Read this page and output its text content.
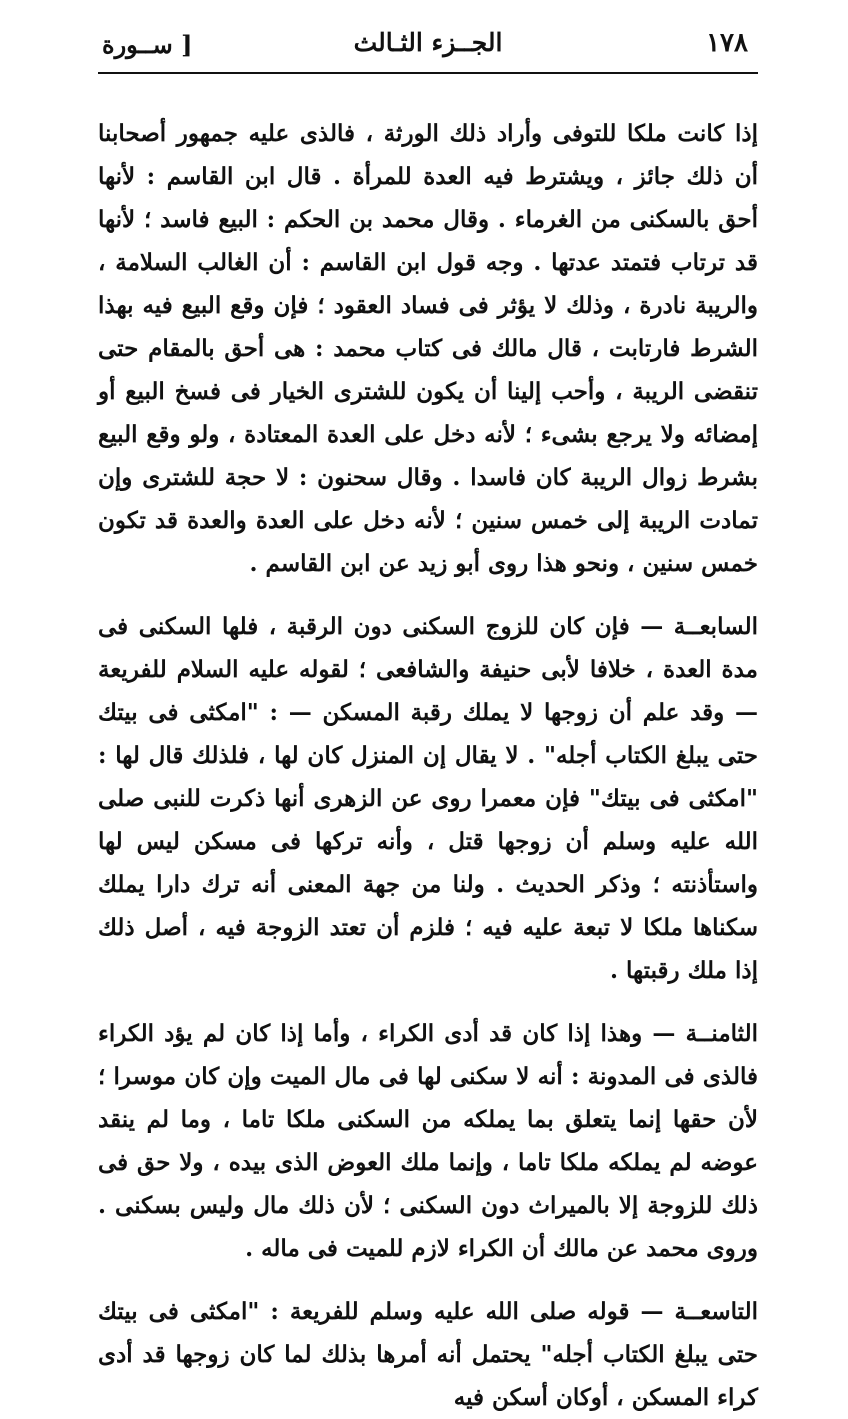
١٧٨
الجــزء الثـالث
[ ســورة

إذا كانت ملكا للتوفى وأراد ذلك الورثة ، فالذى عليه جمهور أصحابنا أن ذلك جائز ، ويشترط فيه العدة للمرأة . قال ابن القاسم : لأنها أحق بالسكنى من الغرماء . وقال محمد بن الحكم : البيع فاسد ؛ لأنها قد ترتاب فتمتد عدتها . وجه قول ابن القاسم : أن الغالب السلامة ، والريبة نادرة ، وذلك لا يؤثر فى فساد العقود ؛ فإن وقع البيع فيه بهذا الشرط فارتابت ، قال مالك فى كتاب محمد : هى أحق بالمقام حتى تنقضى الريبة ، وأحب إلينا أن يكون للشترى الخيار فى فسخ البيع أو إمضائه ولا يرجع بشىء ؛ لأنه دخل على العدة المعتادة ، ولو وقع البيع بشرط زوال الريبة كان فاسدا . وقال سحنون : لا حجة للشترى وإن تمادت الريبة إلى خمس سنين ؛ لأنه دخل على العدة والعدة قد تكون خمس سنين ، ونحو هذا روى أبو زيد عن ابن القاسم .

السابعــة — فإن كان للزوج السكنى دون الرقبة ، فلها السكنى فى مدة العدة ، خلافا لأبى حنيفة والشافعى ؛ لقوله عليه السلام للفريعة — وقد علم أن زوجها لا يملك رقبة المسكن — : "امكثى فى بيتك حتى يبلغ الكتاب أجله" . لا يقال إن المنزل كان لها ، فلذلك قال لها : "امكثى فى بيتك" فإن معمرا روى عن الزهرى أنها ذكرت للنبى صلى الله عليه وسلم أن زوجها قتل ، وأنه تركها فى مسكن ليس لها واستأذنته ؛ وذكر الحديث . ولنا من جهة المعنى أنه ترك دارا يملك سكناها ملكا لا تبعة عليه فيه ؛ فلزم أن تعتد الزوجة فيه ، أصل ذلك إذا ملك رقبتها .

الثامنــة — وهذا إذا كان قد أدى الكراء ، وأما إذا كان لم يؤد الكراء فالذى فى المدونة : أنه لا سكنى لها فى مال الميت وإن كان موسرا ؛ لأن حقها إنما يتعلق بما يملكه من السكنى ملكا تاما ، وما لم ينقد عوضه لم يملكه ملكا تاما ، وإنما ملك العوض الذى بيده ، ولا حق فى ذلك للزوجة إلا بالميراث دون السكنى ؛ لأن ذلك مال وليس بسكنى . وروى محمد عن مالك أن الكراء لازم للميت فى ماله .

التاسعــة — قوله صلى الله عليه وسلم للفريعة : "امكثى فى بيتك حتى يبلغ الكتاب أجله" يحتمل أنه أمرها بذلك لما كان زوجها قد أدى كراء المسكن ، أوكان أسكن فيه
